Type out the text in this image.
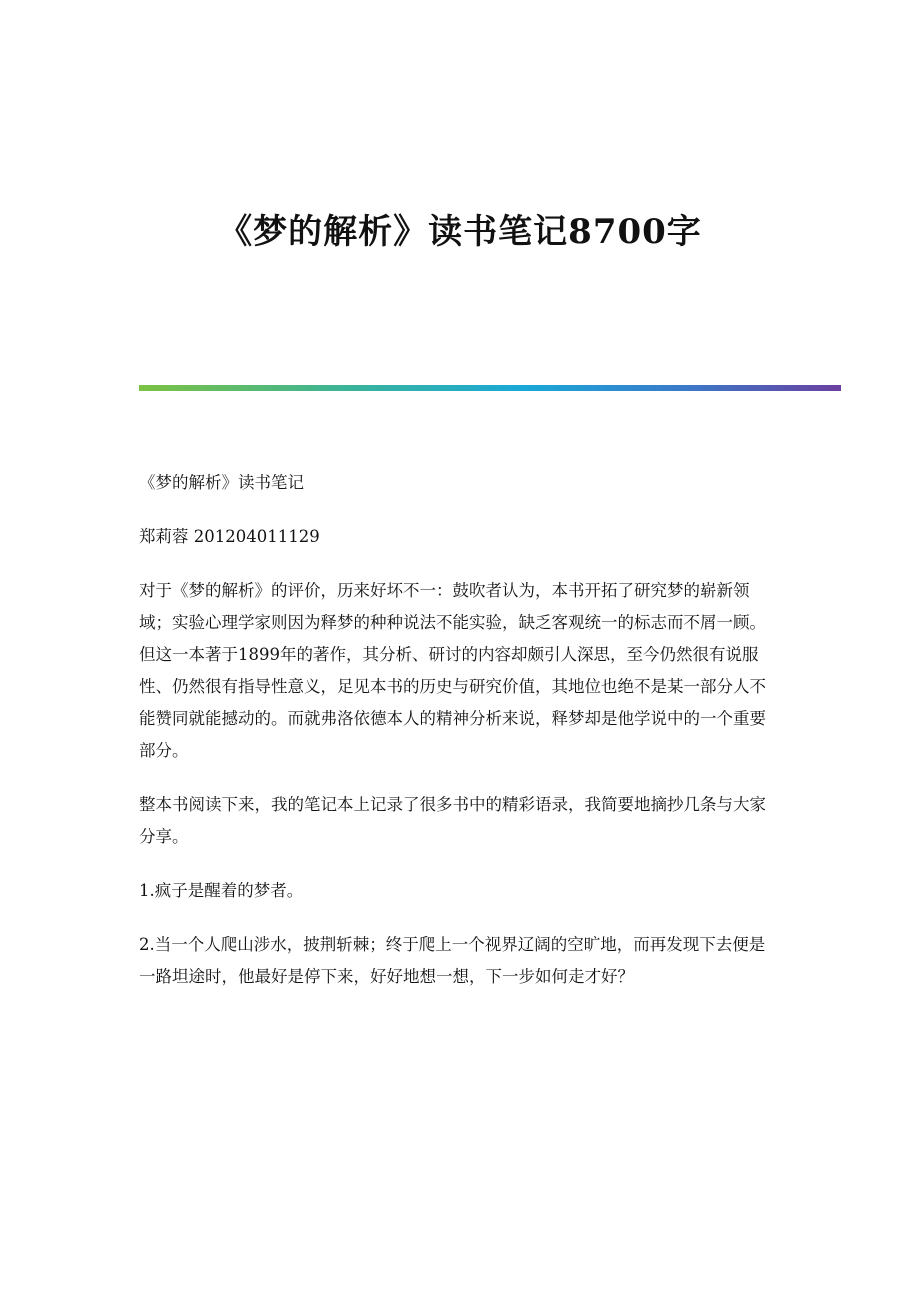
《梦的解析》读书笔记8700字

《梦的解析》读书笔记

郑莉蓉 201204011129

对于《梦的解析》的评价，历来好坏不一：鼓吹者认为，本书开拓了研究梦的崭新领域；实验心理学家则因为释梦的种种说法不能实验，缺乏客观统一的标志而不屑一顾。但这一本著于1899年的著作，其分析、研讨的内容却颇引人深思，至今仍然很有说服性、仍然很有指导性意义，足见本书的历史与研究价值，其地位也绝不是某一部分人不能赞同就能撼动的。而就弗洛依德本人的精神分析来说，释梦却是他学说中的一个重要部分。

整本书阅读下来，我的笔记本上记录了很多书中的精彩语录，我简要地摘抄几条与大家分享。

1.疯子是醒着的梦者。

2.当一个人爬山涉水，披荆斩棘；终于爬上一个视界辽阔的空旷地，而再发现下去便是一路坦途时，他最好是停下来，好好地想一想，下一步如何走才好？
